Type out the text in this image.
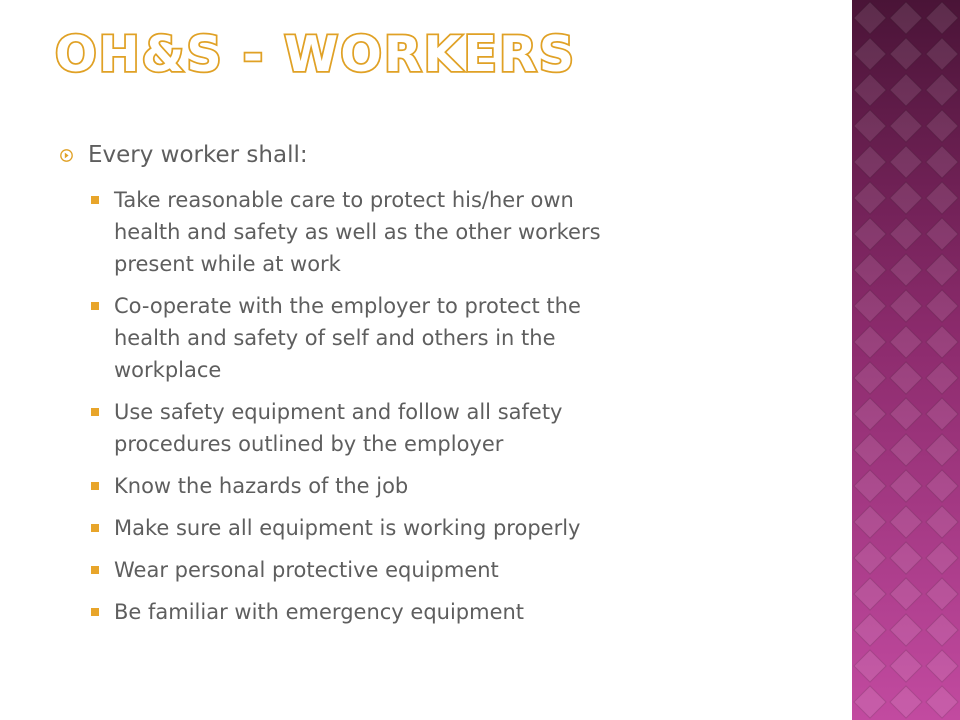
OH&S - WORKERS
Every worker shall:
Take reasonable care to protect his/her own
health and safety as well as the other workers
present while at work
Co-operate with the employer to protect the
health and safety of self and others in the
workplace
Use safety equipment and follow all safety
procedures outlined by the employer
Know the hazards of the job
Make sure all equipment is working properly
Wear personal protective equipment
Be familiar with emergency equipment
